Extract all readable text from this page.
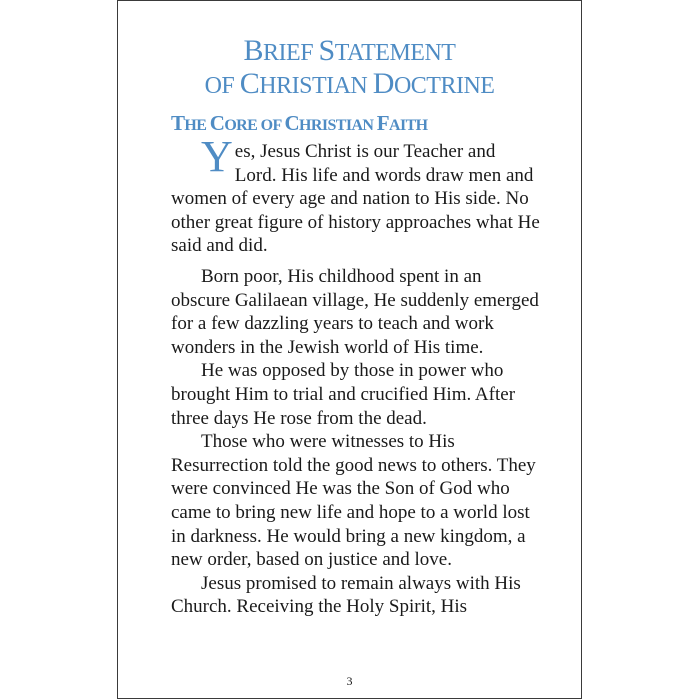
BRIEF STATEMENT
OF CHRISTIAN DOCTRINE
THE CORE OF CHRISTIAN FAITH

Yes, Jesus Christ is our Teacher and Lord. His life and words draw men and women of every age and nation to His side. No other great figure of history approaches what He said and did.

Born poor, His childhood spent in an obscure Galilaean village, He suddenly emerged for a few dazzling years to teach and work wonders in the Jewish world of His time.

He was opposed by those in power who brought Him to trial and crucified Him. After three days He rose from the dead.

Those who were witnesses to His Resurrection told the good news to others. They were convinced He was the Son of God who came to bring new life and hope to a world lost in darkness. He would bring a new kingdom, a new order, based on justice and love.

Jesus promised to remain always with His Church. Receiving the Holy Spirit, His

3
